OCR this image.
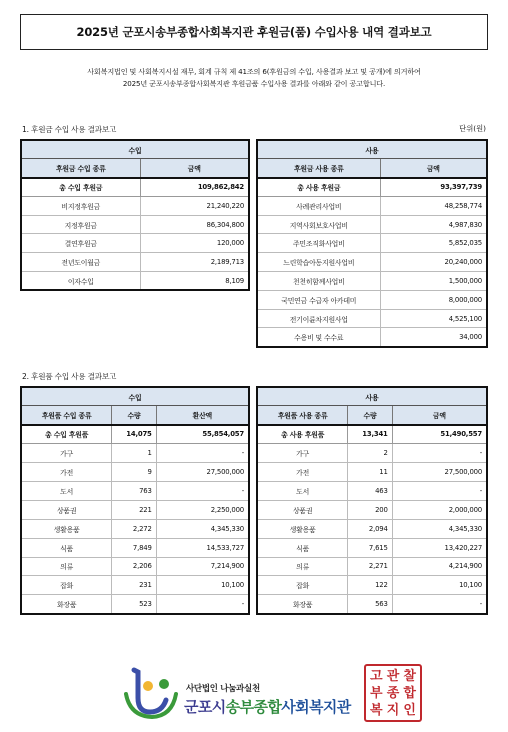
2025년 군포시송부종합사회복지관 후원금(품) 수입사용 내역 결과보고
사회복지법인 및 사회복지시설 재무, 회계 규칙 제 41조의 6(후원금의 수입, 사용결과 보고 및 공개)에 의거하여
2025년 군포시송부종합사회복지관 후원금품 수입사용 결과를 아래와 같이 공고합니다.
1. 후원금 수입 사용 결과보고	단위(원)
수입	
후원금 수입 종류	금액
총 수입 후원금	109,862,842
비지정후원금	21,240,220
지정후원금	86,304,800
결연후원금	120,000
전년도이월금	2,189,713
이자수입	8,109
사용	
후원금 사용 종류	금액
총 사용 후원금	93,397,739
사례관리사업비	48,258,774
지역사회보호사업비	4,987,830
주민조직화사업비	5,852,035
느린학습아동지원사업비	20,240,000
천천히함께사업비	1,500,000
국민연금 수급자 아카데미	8,000,000
전기이륜차지원사업	4,525,100
수용비 및 수수료	34,000
2. 후원품 수입 사용 결과보고
수입		
후원품 수입 종류	수량	환산액
총 수입 후원품	14,075	55,854,057
가구	1	-
가전	9	27,500,000
도서	763	-
상품권	221	2,250,000
생활용품	2,272	4,345,330
식품	7,849	14,533,727
의류	2,206	7,214,900
잡화	231	10,100
화장품	523	-
사용		
후원품 사용 종류	수량	금액
총 사용 후원품	13,341	51,490,557
가구	2	-
가전	11	27,500,000
도서	463	-
상품권	200	2,000,000
생활용품	2,094	4,345,330
식품	7,615	13,420,227
의류	2,271	4,214,900
잡화	122	10,100
화장품	563	-
사단법인 나눔과실천
군포시송부종합사회복지관
고 관 찰
부 종 합
복 지 인
